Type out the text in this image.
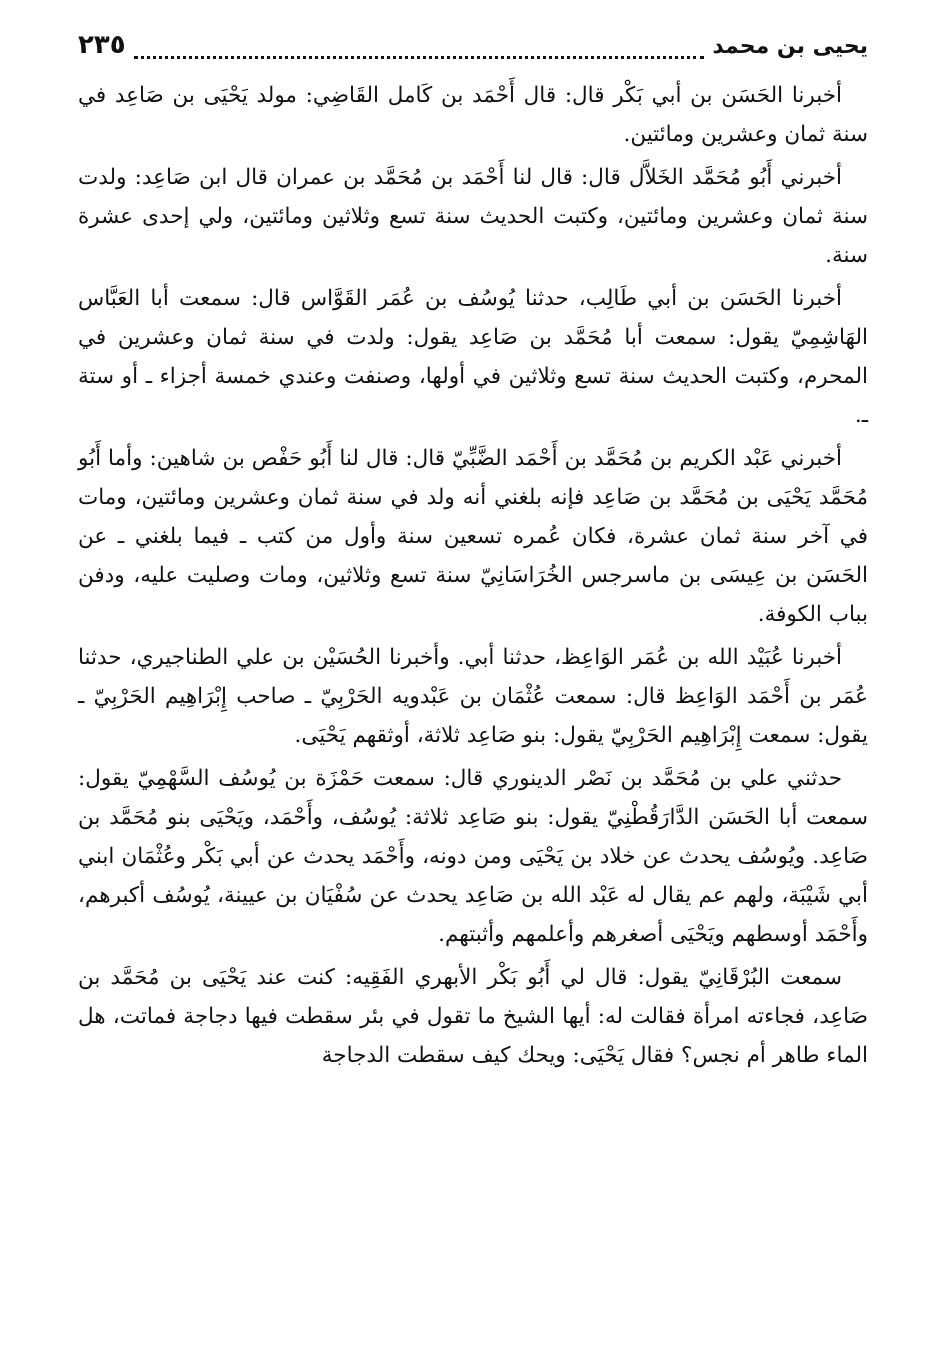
يحيى بن محمد
٢٣٥

أخبرنا الحَسَن بن أبي بَكْر قال: قال أَحْمَد بن كَامل القَاضِي: مولد يَحْيَى بن صَاعِد في سنة ثمان وعشرين ومائتين.

أخبرني أَبُو مُحَمَّد الخَلاَّل قال: قال لنا أَحْمَد بن مُحَمَّد بن عمران قال ابن صَاعِد: ولدت سنة ثمان وعشرين ومائتين، وكتبت الحديث سنة تسع وثلاثين ومائتين، ولي إحدى عشرة سنة.

أخبرنا الحَسَن بن أبي طَالِب، حدثنا يُوسُف بن عُمَر القَوَّاس قال: سمعت أبا العَبَّاس الهَاشِمِيّ يقول: سمعت أبا مُحَمَّد بن صَاعِد يقول: ولدت في سنة ثمان وعشرين في المحرم، وكتبت الحديث سنة تسع وثلاثين في أولها، وصنفت وعندي خمسة أجزاء ـ أو ستة ـ.

أخبرني عَبْد الكريم بن مُحَمَّد بن أَحْمَد الضَّبِّيّ قال: قال لنا أَبُو حَفْص بن شاهين: وأما أَبُو مُحَمَّد يَحْيَى بن مُحَمَّد بن صَاعِد فإنه بلغني أنه ولد في سنة ثمان وعشرين ومائتين، ومات في آخر سنة ثمان عشرة، فكان عُمره تسعين سنة وأول من كتب ـ فيما بلغني ـ عن الحَسَن بن عِيسَى بن ماسرجس الخُرَاسَانِيّ سنة تسع وثلاثين، ومات وصليت عليه، ودفن بباب الكوفة.

أخبرنا عُبَيْد الله بن عُمَر الوَاعِظ، حدثنا أبي. وأخبرنا الحُسَيْن بن علي الطناجيري، حدثنا عُمَر بن أَحْمَد الوَاعِظ قال: سمعت عُثْمَان بن عَبْدويه الحَرْبِيّ ـ صاحب إِبْرَاهِيم الحَرْبِيّ ـ يقول: سمعت إِبْرَاهِيم الحَرْبِيّ يقول: بنو صَاعِد ثلاثة، أوثقهم يَحْيَى.

حدثني علي بن مُحَمَّد بن نَصْر الدينوري قال: سمعت حَمْزَة بن يُوسُف السَّهْمِيّ يقول: سمعت أبا الحَسَن الدَّارَقُطْنِيّ يقول: بنو صَاعِد ثلاثة: يُوسُف، وأَحْمَد، ويَحْيَى بنو مُحَمَّد بن صَاعِد. ويُوسُف يحدث عن خلاد بن يَحْيَى ومن دونه، وأَحْمَد يحدث عن أبي بَكْر وعُثْمَان ابني أبي شَيْبَة، ولهم عم يقال له عَبْد الله بن صَاعِد يحدث عن سُفْيَان بن عيينة، يُوسُف أكبرهم، وأَحْمَد أوسطهم ويَحْيَى أصغرهم وأعلمهم وأثبتهم.

سمعت البُرْقَانِيّ يقول: قال لي أَبُو بَكْر الأبهري الفَقِيه: كنت عند يَحْيَى بن مُحَمَّد بن صَاعِد، فجاءته امرأة فقالت له: أيها الشيخ ما تقول في بئر سقطت فيها دجاجة فماتت، هل الماء طاهر أم نجس؟ فقال يَحْيَى: ويحك كيف سقطت الدجاجة
